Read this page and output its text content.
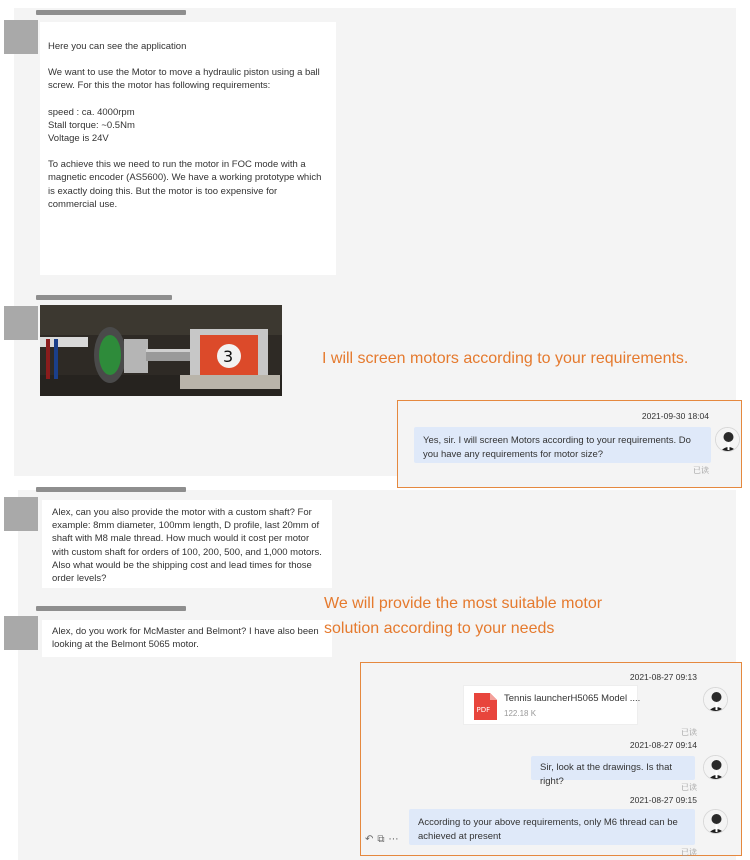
Here you can see the application

We want to use the Motor to move a hydraulic piston using a ball screw. For this the motor has following requirements:

speed : ca. 4000rpm
Stall torque: ~0.5Nm
Voltage is 24V

To achieve this we need to run the motor in FOC mode with a magnetic encoder (AS5600). We have a working prototype which is exactly doing this. But the motor is too expensive for commercial use.

3	I will screen motors according to your requirements.
2021-09-30 18:04
Yes, sir. I will screen Motors according to your requirements. Do you have any requirements for motor size?
已读

Alex, can you also provide the motor with a custom shaft? For example: 8mm diameter, 100mm length, D profile, last 20mm of shaft with M8 male thread. How much would it cost per motor with custom shaft for orders of 100, 200, 500, and 1,000 motors. Also what would be the shipping cost and lead times for those order levels?

Alex, do you work for McMaster and Belmont? I have also been looking at the Belmont 5065 motor.

We will provide the most suitable motor
solution according to your needs
2021-08-27 09:13
PDF
Tennis launcherH5065 Model ....
122.18 K
已读
2021-08-27 09:14
Sir, look at the drawings. Is that right?
已读
2021-08-27 09:15
According to your above requirements, only M6 thread can be achieved at present
↶⧉⋯
已读
